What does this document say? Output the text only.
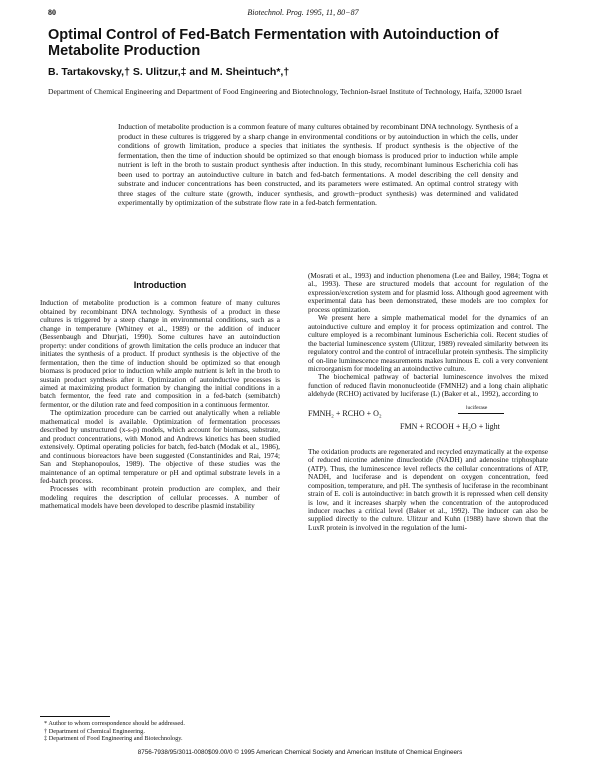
80	Biotechnol. Prog. 1995, 11, 80−87
Optimal Control of Fed-Batch Fermentation with Autoinduction of Metabolite Production
B. Tartakovsky,† S. Ulitzur,‡ and M. Sheintuch*,†
Department of Chemical Engineering and Department of Food Engineering and Biotechnology, Technion-Israel Institute of Technology, Haifa, 32000 Israel

Induction of metabolite production is a common feature of many cultures obtained by recombinant DNA technology. Synthesis of a product in these cultures is triggered by a sharp change in environmental conditions or by autoinduction in which the cells, under conditions of growth limitation, produce a species that initiates the synthesis. If product synthesis is the objective of the fermentation, then the time of induction should be optimized so that enough biomass is produced prior to induction while ample nutrient is left in the broth to sustain product synthesis after induction. In this study, recombinant luminous Escherichia coli has been used to portray an autoinductive culture in batch and fed-batch fermentations. A model describing the cell density and substrate and inducer concentrations has been constructed, and its parameters were estimated. An optimal control strategy with three stages of the culture state (growth, inducer synthesis, and growth−product synthesis) was determined and validated experimentally by optimization of the substrate flow rate in a fed-batch fermentation.

Introduction

Induction of metabolite production is a common feature of many cultures obtained by recombinant DNA technology. Synthesis of a product in these cultures is triggered by a steep change in environmental conditions, such as a change in temperature (Whitney et al., 1989) or the addition of inducer (Bessenbaugh and Dhurjati, 1990). Some cultures have an autoinduction property: under conditions of growth limitation the cells produce an inducer that initiates the synthesis of a product. If product synthesis is the objective of the fermentation, then the time of induction should be optimized so that enough biomass is produced prior to induction while ample nutrient is left in the broth to sustain product synthesis after it. Optimization of autoinductive processes is aimed at maximizing product formation by changing the initial conditions in a batch fermentor, the feed rate and composition in a fed-batch (semibatch) fermentor, or the dilution rate and feed composition in a continuous fermentor.

The optimization procedure can be carried out analytically when a reliable mathematical model is available. Optimization of fermentation processes described by unstructured (x-s-p) models, which account for biomass, substrate, and product concentrations, with Monod and Andrews kinetics has been studied extensively. Optimal operating policies for batch, fed-batch (Modak et al., 1986), and continuous bioreactors have been suggested (Constantinides and Rai, 1974; San and Stephanopoulos, 1989). The objective of these studies was the maintenance of an optimal temperature or pH and optimal substrate levels in a fed-batch process.

Processes with recombinant protein production are complex, and their modeling requires the description of cellular processes. A number of mathematical models have been developed to describe plasmid instability

(Mosrati et al., 1993) and induction phenomena (Lee and Bailey, 1984; Togna et al., 1993). These are structured models that account for regulation of the expression/excretion system and for plasmid loss. Although good agreement with experimental data has been demonstrated, these models are too complex for process optimization.

We present here a simple mathematical model for the dynamics of an autoinductive culture and employ it for process optimization and control. The culture employed is a recombinant luminous Escherichia coli. Recent studies of the bacterial luminescence system (Ulitzur, 1989) revealed similarity between its regulatory control and the control of intracellular protein synthesis. The simplicity of on-line luminescence measurements makes luminous E. coli a very convenient microorganism for modeling an autoinductive culture.

The biochemical pathway of bacterial luminescence involves the mixed function of reduced flavin mononucleotide (FMNH2) and a long chain aliphatic aldehyde (RCHO) activated by luciferase (L) (Baker et al., 1992), according to

FMNH₂ + RCHO + O₂
luciferase
FMN + RCOOH + H₂O + light

The oxidation products are regenerated and recycled enzymatically at the expense of reduced nicotine adenine dinucleotide (NADH) and adenosine triphosphate (ATP). Thus, the luminescence level reflects the cellular concentrations of ATP, NADH, and luciferase and is dependent on oxygen concentration, feed composition, temperature, and pH. The synthesis of luciferase in the recombinant strain of E. coli is autoinductive: in batch growth it is repressed when cell density is low, and it increases sharply when the concentration of the autoproduced inducer reaches a critical level (Baker et al., 1992). The inducer can also be supplied directly to the culture. Ulitzur and Kuhn (1988) have shown that the LuxR protein is involved in the regulation of the lumi-

* Author to whom correspondence should be addressed.
† Department of Chemical Engineering.
‡ Department of Food Engineering and Biotechnology.
8756-7938/95/3011-0080$09.00/0 © 1995 American Chemical Society and American Institute of Chemical Engineers
